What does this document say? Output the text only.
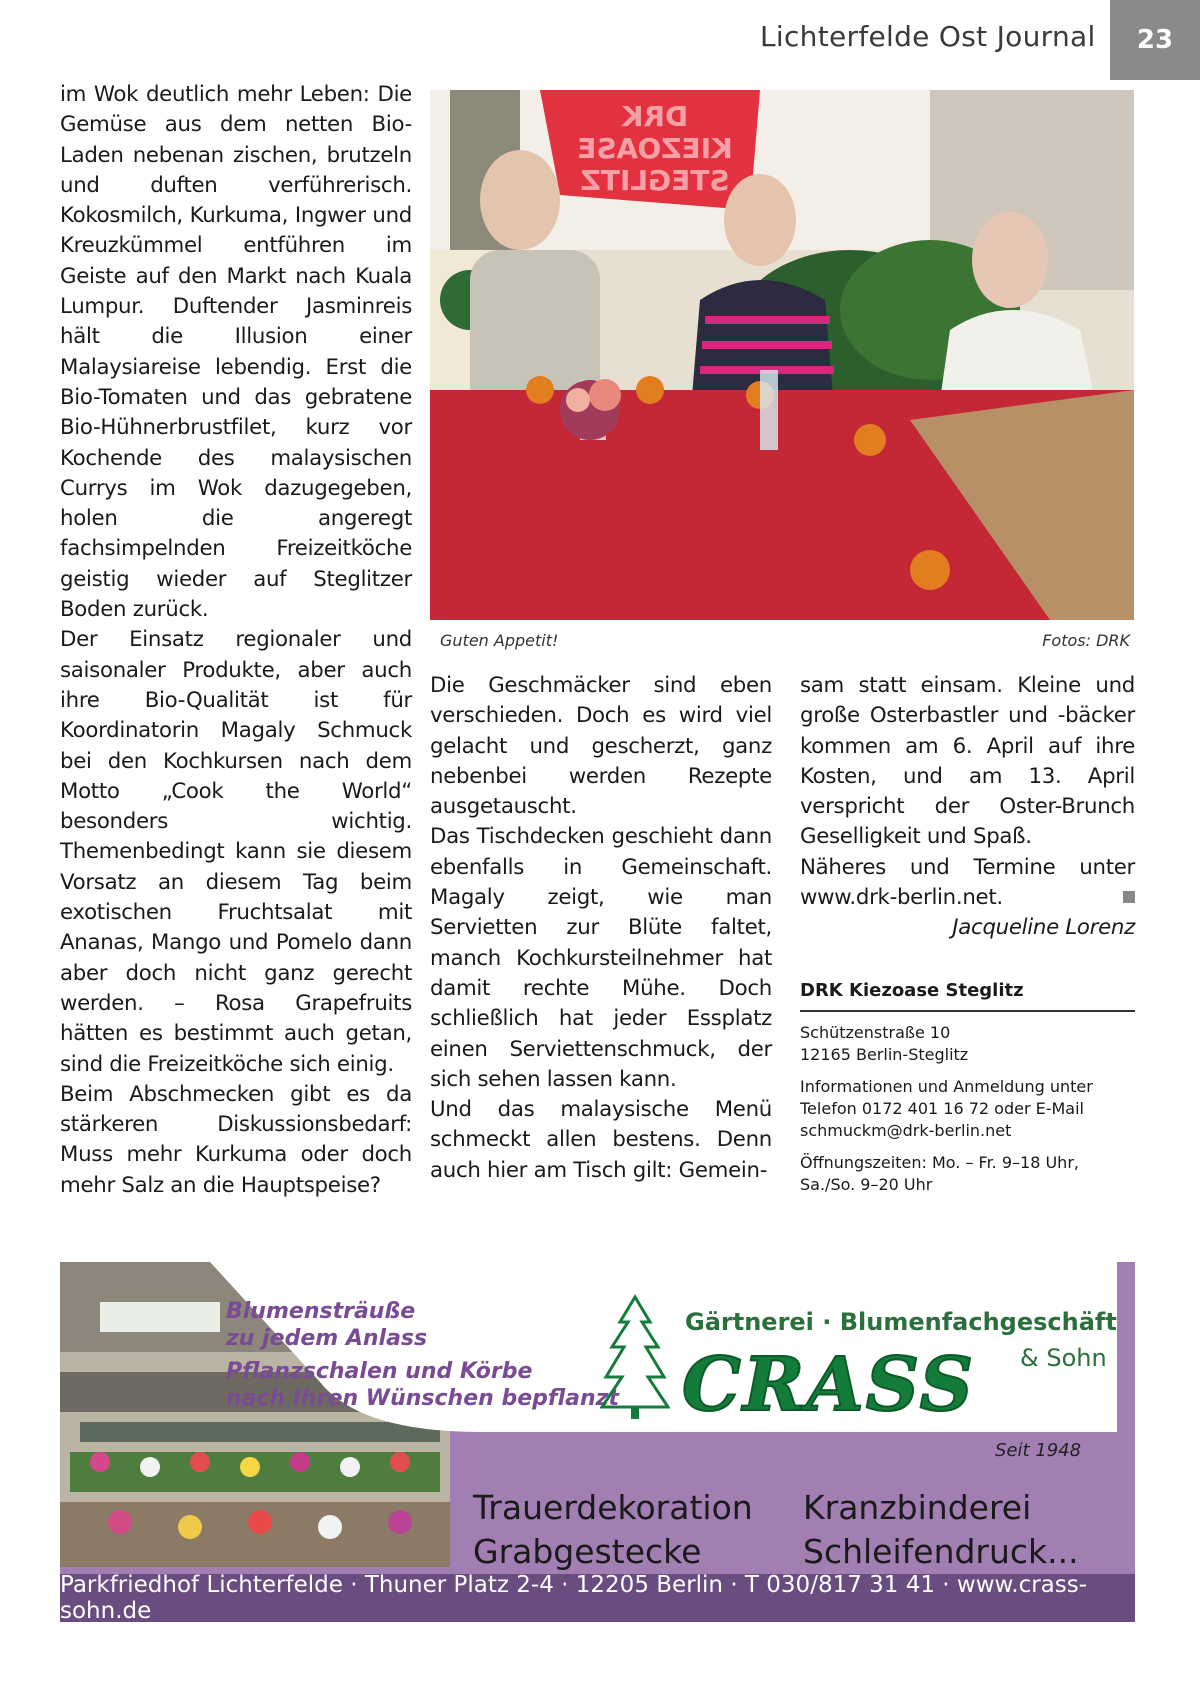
Lichterfelde Ost Journal	23

im Wok deutlich mehr Leben: Die Gemüse aus dem netten Bio-Laden nebenan zischen, brutzeln und duften verführerisch. Kokosmilch, Kurkuma, Ingwer und Kreuzkümmel entführen im Geiste auf den Markt nach Kuala Lumpur. Duftender Jasminreis hält die Illusion einer Malaysiareise lebendig. Erst die Bio-Tomaten und das gebratene Bio-Hühnerbrustfilet, kurz vor Kochende des malaysischen Currys im Wok dazugegeben, holen die angeregt fachsimpelnden Freizeitköche geistig wieder auf Steglitzer Boden zurück.

Der Einsatz regionaler und saisonaler Produkte, aber auch ihre Bio-Qualität ist für Koordinatorin Magaly Schmuck bei den Kochkursen nach dem Motto „Cook the World“ besonders wichtig. Themenbedingt kann sie diesem Vorsatz an diesem Tag beim exotischen Fruchtsalat mit Ananas, Mango und Pomelo dann aber doch nicht ganz gerecht werden. – Rosa Grapefruits hätten es bestimmt auch getan, sind die Freizeitköche sich einig.

Beim Abschmecken gibt es da stärkeren Diskussionsbedarf: Muss mehr Kurkuma oder doch mehr Salz an die Hauptspeise?

DRK
KIEZOASE
STEGLITZ
Guten Appetit!	Fotos: DRK

Die Geschmäcker sind eben verschieden. Doch es wird viel gelacht und gescherzt, ganz nebenbei werden Rezepte ausgetauscht.

Das Tischdecken geschieht dann ebenfalls in Gemeinschaft. Magaly zeigt, wie man Servietten zur Blüte faltet, manch Kochkursteilnehmer hat damit rechte Mühe. Doch schließlich hat jeder Essplatz einen Serviettenschmuck, der sich sehen lassen kann.

Und das malaysische Menü schmeckt allen bestens. Denn auch hier am Tisch gilt: Gemein-

sam statt einsam. Kleine und große Osterbastler und -bäcker kommen am 6. April auf ihre Kosten, und am 13. April verspricht der Oster-Brunch Geselligkeit und Spaß.

Näheres und Termine unter www.drk-berlin.net.

Jacqueline Lorenz

DRK Kiezoase Steglitz

Schützenstraße 10
12165 Berlin-Steglitz

Informationen und Anmeldung unter
Telefon 0172 401 16 72 oder E-Mail
schmuckm@drk-berlin.net

Öffnungszeiten: Mo. – Fr. 9–18 Uhr,
Sa./So. 9–20 Uhr

Blumensträuße
zu jedem Anlass
Pflanzschalen und Körbe
nach Ihren Wünschen bepflanzt
Gärtnerei · Blumenfachgeschäft
CRASS & Sohn
Seit 1948
Trauerdekoration
Grabgestecke
Kranzbinderei
Schleifendruck...
Parkfriedhof Lichterfelde · Thuner Platz 2-4 · 12205 Berlin · T 030/817 31 41 · www.crass-sohn.de
